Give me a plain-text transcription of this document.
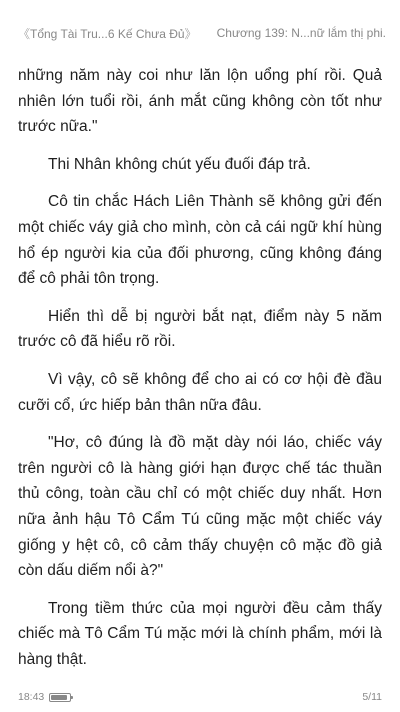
《Tổng Tài Tru...6 Kế Chưa Đủ》 Chương 139: N...nữ lắm thị phi.

những năm này coi như lăn lộn uổng phí rồi. Quả nhiên lớn tuổi rồi, ánh mắt cũng không còn tốt như trước nữa."

Thi Nhân không chút yếu đuối đáp trả.

Cô tin chắc Hách Liên Thành sẽ không gửi đến một chiếc váy giả cho mình, còn cả cái ngữ khí hùng hổ ép người kia của đối phương, cũng không đáng để cô phải tôn trọng.

Hiển thì dễ bị người bắt nạt, điểm này 5 năm trước cô đã hiểu rõ rồi.

Vì vậy, cô sẽ không để cho ai có cơ hội đè đầu cưỡi cổ, ức hiếp bản thân nữa đâu.

"Hơ, cô đúng là đồ mặt dày nói láo, chiếc váy trên người cô là hàng giới hạn được chế tác thuần thủ công, toàn cầu chỉ có một chiếc duy nhất. Hơn nữa ảnh hậu Tô Cẩm Tú cũng mặc một chiếc váy giống y hệt cô, cô cảm thấy chuyện cô mặc đồ giả còn dấu diếm nổi à?"

Trong tiềm thức của mọi người đều cảm thấy chiếc mà Tô Cẩm Tú mặc mới là chính phẩm, mới là hàng thật.

18:43	5/11
